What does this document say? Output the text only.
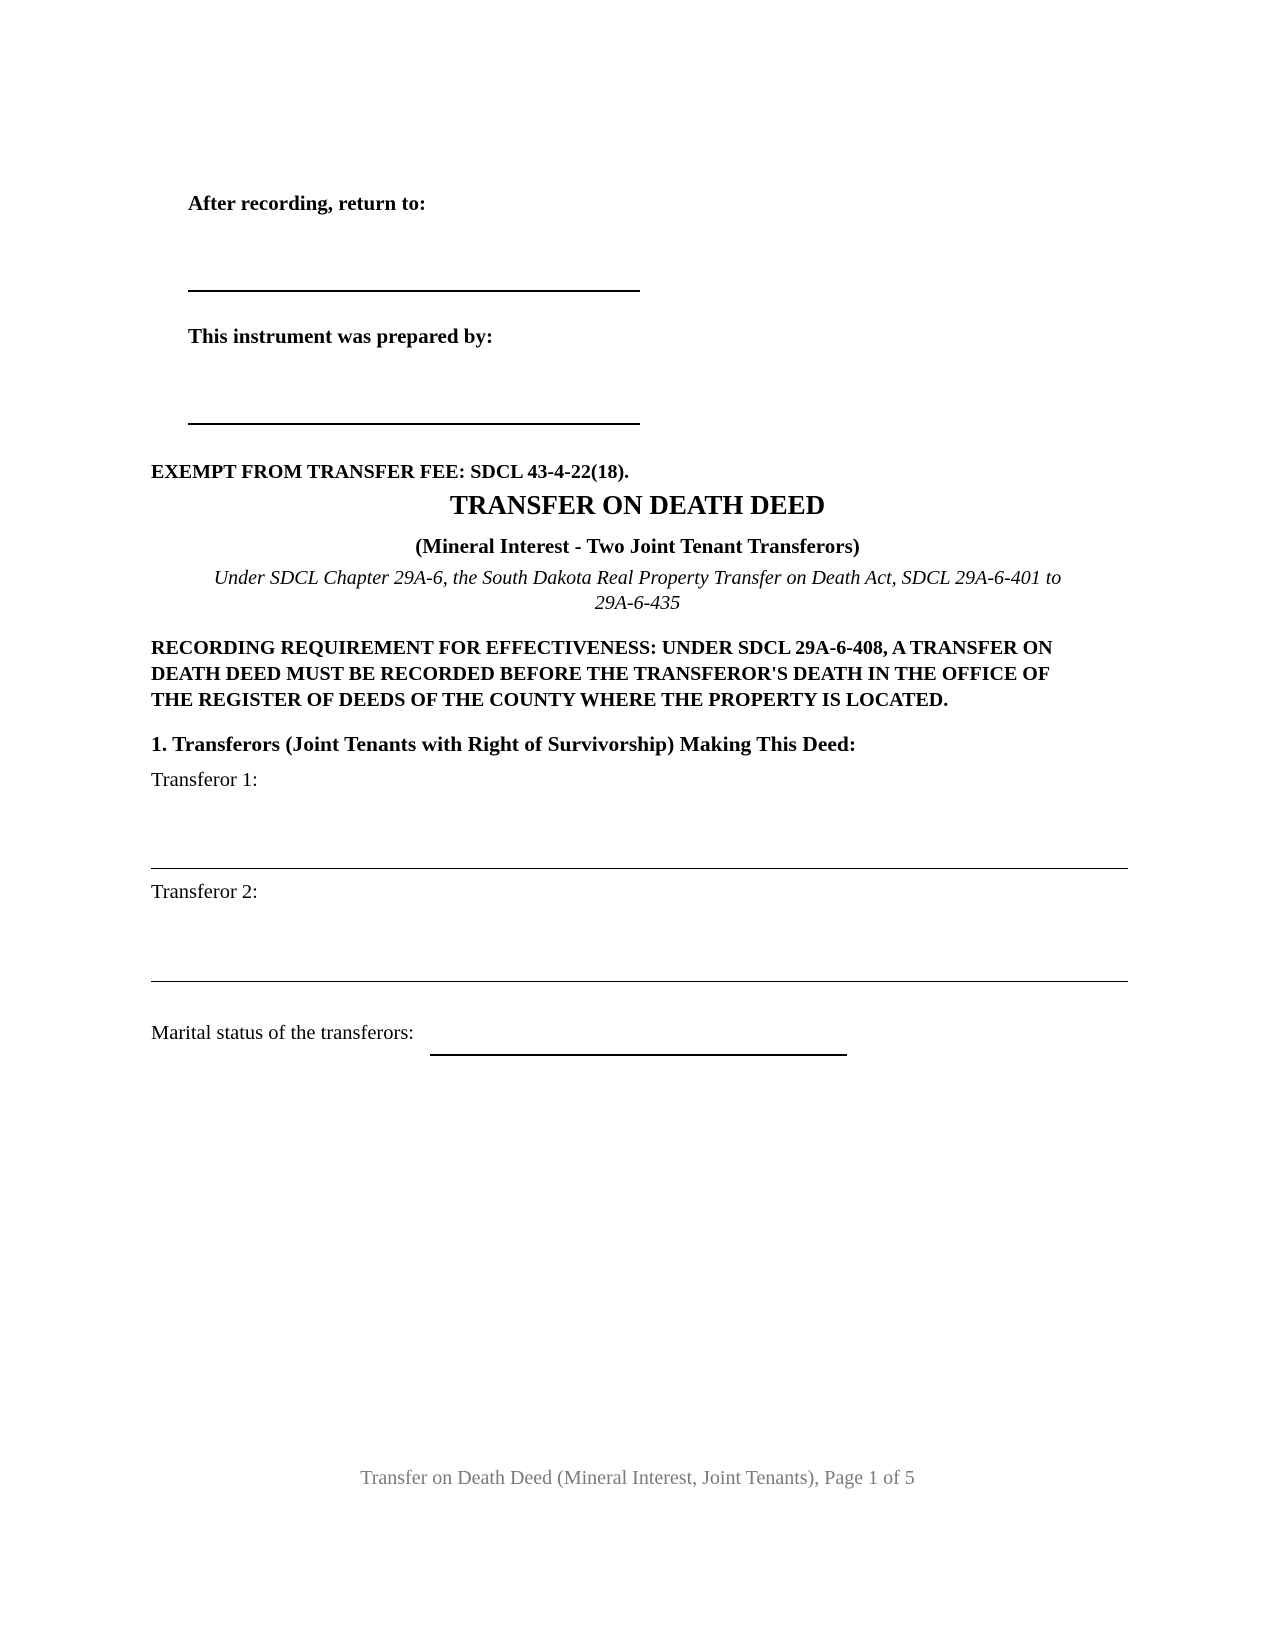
After recording, return to:
This instrument was prepared by:
EXEMPT FROM TRANSFER FEE: SDCL 43-4-22(18).
TRANSFER ON DEATH DEED
(Mineral Interest - Two Joint Tenant Transferors)
Under SDCL Chapter 29A-6, the South Dakota Real Property Transfer on Death Act, SDCL 29A-6-401 to
29A-6-435
RECORDING REQUIREMENT FOR EFFECTIVENESS: UNDER SDCL 29A-6-408, A TRANSFER ON
DEATH DEED MUST BE RECORDED BEFORE THE TRANSFEROR'S DEATH IN THE OFFICE OF
THE REGISTER OF DEEDS OF THE COUNTY WHERE THE PROPERTY IS LOCATED.
1. Transferors (Joint Tenants with Right of Survivorship) Making This Deed:
Transferor 1:
Transferor 2:
Marital status of the transferors:
Transfer on Death Deed (Mineral Interest, Joint Tenants), Page 1 of 5
